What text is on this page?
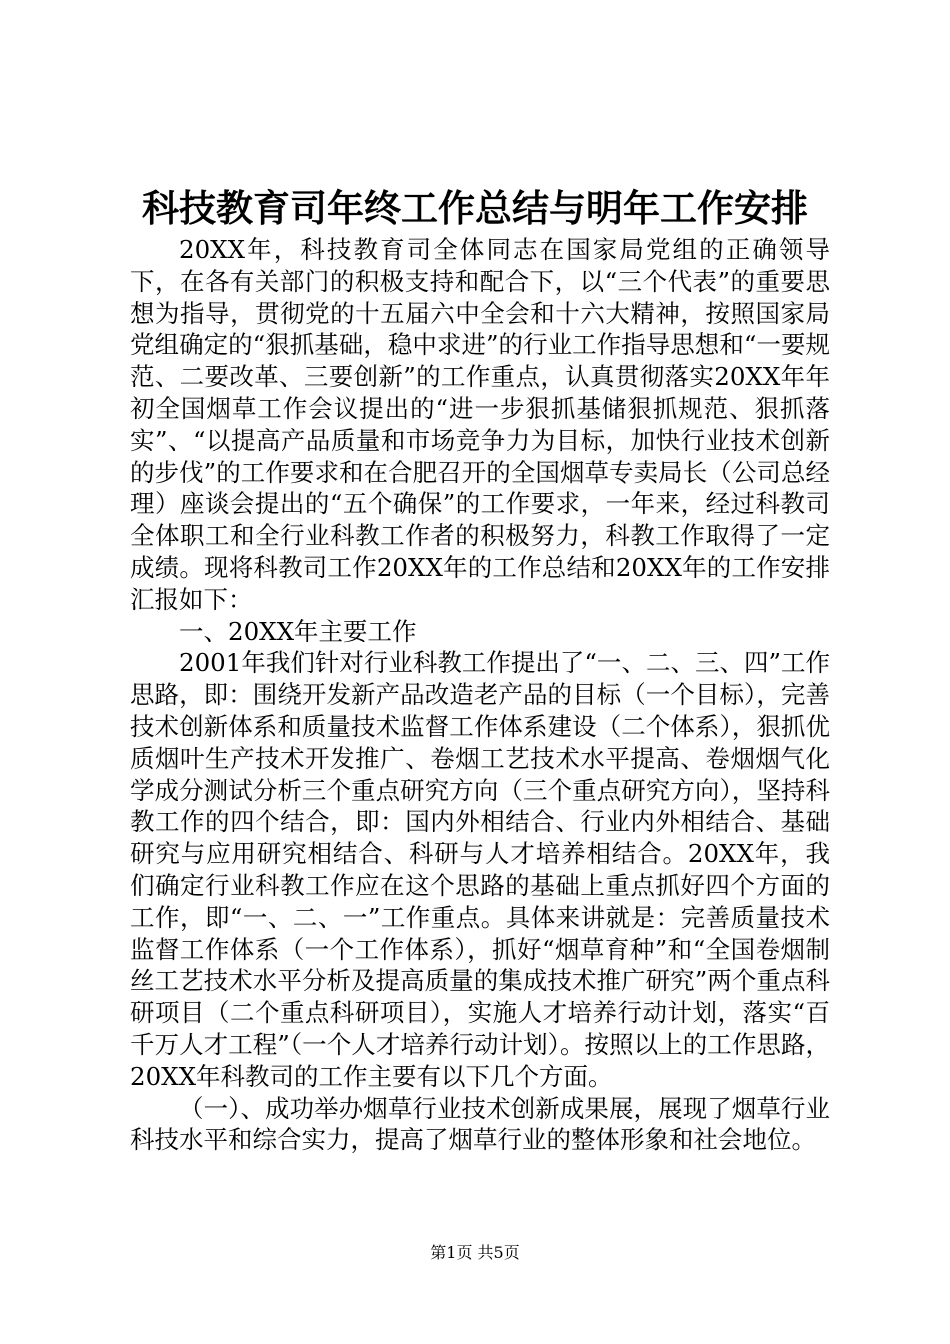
科技教育司年终工作总结与明年工作安排

20XX年，科技教育司全体同志在国家局党组的正确领导下，在各有关部门的积极支持和配合下，以“三个代表”的重要思想为指导，贯彻党的十五届六中全会和十六大精神，按照国家局党组确定的“狠抓基础，稳中求进”的行业工作指导思想和“一要规范、二要改革、三要创新”的工作重点，认真贯彻落实20XX年年初全国烟草工作会议提出的“进一步狠抓基储狠抓规范、狠抓落实”、“以提高产品质量和市场竞争力为目标，加快行业技术创新的步伐”的工作要求和在合肥召开的全国烟草专卖局长（公司总经理）座谈会提出的“五个确保”的工作要求，一年来，经过科教司全体职工和全行业科教工作者的积极努力，科教工作取得了一定成绩。现将科教司工作20XX年的工作总结和20XX年的工作安排汇报如下：

一、20XX年主要工作

2001年我们针对行业科教工作提出了“一、二、三、四”工作思路，即：围绕开发新产品改造老产品的目标（一个目标），完善技术创新体系和质量技术监督工作体系建设（二个体系），狠抓优质烟叶生产技术开发推广、卷烟工艺技术水平提高、卷烟烟气化学成分测试分析三个重点研究方向（三个重点研究方向），坚持科教工作的四个结合，即：国内外相结合、行业内外相结合、基础研究与应用研究相结合、科研与人才培养相结合。20XX年，我们确定行业科教工作应在这个思路的基础上重点抓好四个方面的工作，即“一、二、一”工作重点。具体来讲就是：完善质量技术监督工作体系（一个工作体系），抓好“烟草育种”和“全国卷烟制丝工艺技术水平分析及提高质量的集成技术推广研究”两个重点科研项目（二个重点科研项目），实施人才培养行动计划，落实“百千万人才工程”（一个人才培养行动计划）。按照以上的工作思路，20XX年科教司的工作主要有以下几个方面。

（一）、成功举办烟草行业技术创新成果展，展现了烟草行业科技水平和综合实力，提高了烟草行业的整体形象和社会地位。

第1页 共5页
